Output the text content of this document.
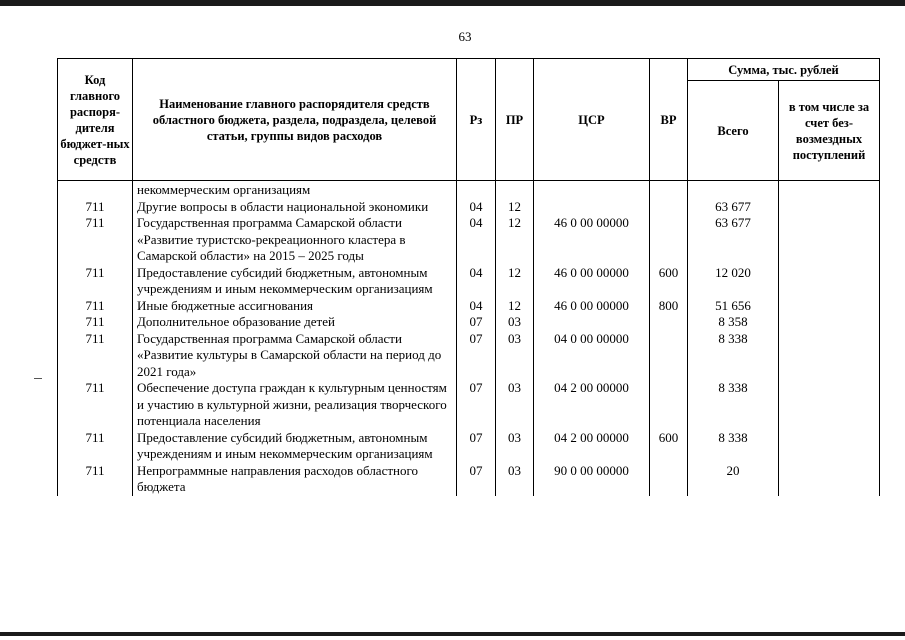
63
Код главного распоря-дителя бюджет-ных средств	Наименование главного распорядителя средств областного бюджета, раздела, подраздела, целевой статьи, группы видов расходов	Рз	ПР	ЦСР	ВР	Сумма, тыс. рублей	
						Всего	в том числе за счет без-возмездных поступлений
	некоммерческим организациям						
711	Другие вопросы в области национальной экономики	04	12			63 677	
711	Государственная программа Самарской области «Развитие туристско-рекреационного кластера в Самарской области» на 2015 – 2025 годы	04	12	46 0 00 00000		63 677	
711	Предоставление субсидий бюджетным, автономным учреждениям и иным некоммерческим организациям	04	12	46 0 00 00000	600	12 020	
711	Иные бюджетные ассигнования	04	12	46 0 00 00000	800	51 656	
711	Дополнительное образование детей	07	03			8 358	
711	Государственная программа Самарской области «Развитие культуры в Самарской области на период до 2021 года»	07	03	04 0 00 00000		8 338	
711	Обеспечение доступа граждан к культурным ценностям и участию в культурной жизни, реализация творческого потенциала населения	07	03	04 2 00 00000		8 338	
711	Предоставление субсидий бюджетным, автономным учреждениям и иным некоммерческим организациям	07	03	04 2 00 00000	600	8 338	
711	Непрограммные направления расходов областного бюджета	07	03	90 0 00 00000		20	
